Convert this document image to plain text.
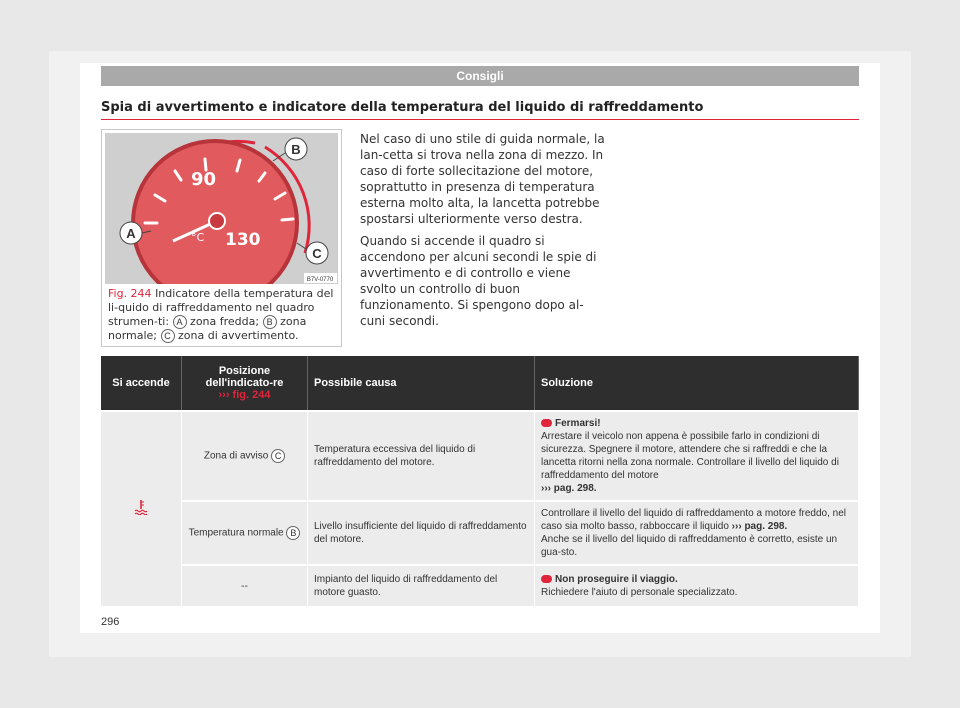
Consigli
Spia di avvertimento e indicatore della temperatura del liquido di raffreddamento
90
130
°C
B
A
C
B7V-0770
Fig. 244 Indicatore della temperatura del li-quido di raffreddamento nel quadro strumen-ti: A zona fredda; B zona normale; C zona di avvertimento.

Nel caso di uno stile di guida normale, la lan-cetta si trova nella zona di mezzo. In caso di forte sollecitazione del motore, soprattutto in presenza di temperatura esterna molto alta, la lancetta potrebbe spostarsi ulteriormente verso destra.

Quando si accende il quadro si accendono per alcuni secondi le spie di avvertimento e di controllo e viene svolto un controllo di buon funzionamento. Si spengono dopo al-cuni secondi.

Si accende	Posizione dell'indicato-re
››› fig. 244	Possibile causa	Soluzione
	Zona di avviso C	Temperatura eccessiva del liquido di raffreddamento del motore.	Fermarsi!
Arrestare il veicolo non appena è possibile farlo in condizioni di sicurezza. Spegnere il motore, attendere che si raffreddi e che la lancetta ritorni nella zona normale. Controllare il livello del liquido di raffreddamento del motore
››› pag. 298.
	Temperatura normale B	Livello insufficiente del liquido di raffreddamento del motore.	Controllare il livello del liquido di raffreddamento a motore freddo, nel caso sia molto basso, rabboccare il liquido ››› pag. 298.
Anche se il livello del liquido di raffreddamento è corretto, esiste un gua-sto.
	--	Impianto del liquido di raffreddamento del motore guasto.	Non proseguire il viaggio.
Richiedere l'aiuto di personale specializzato.
296
